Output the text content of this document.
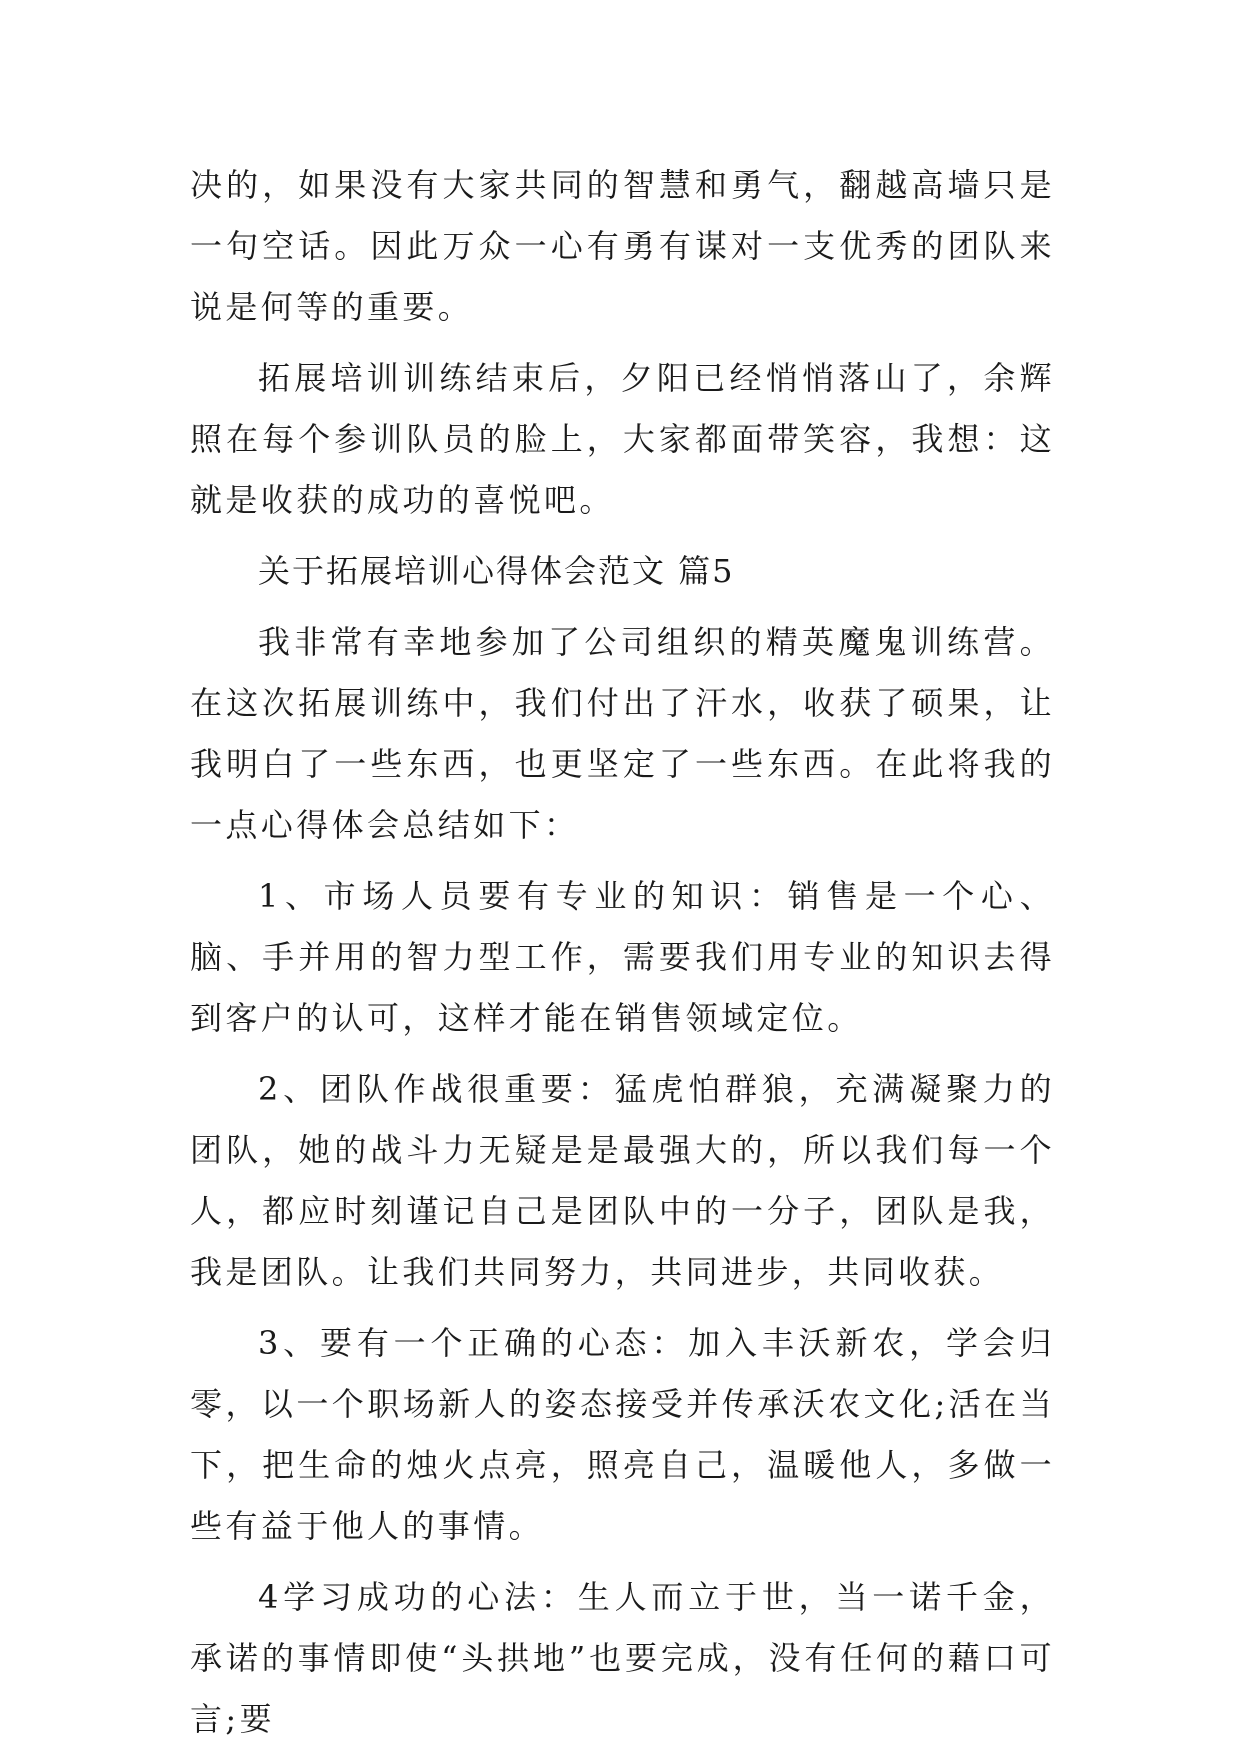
决的，如果没有大家共同的智慧和勇气，翻越高墙只是一句空话。因此万众一心有勇有谋对一支优秀的团队来说是何等的重要。

拓展培训训练结束后，夕阳已经悄悄落山了，余辉照在每个参训队员的脸上，大家都面带笑容，我想：这就是收获的成功的喜悦吧。

关于拓展培训心得体会范文 篇5

我非常有幸地参加了公司组织的精英魔鬼训练营。在这次拓展训练中，我们付出了汗水，收获了硕果，让我明白了一些东西，也更坚定了一些东西。在此将我的一点心得体会总结如下：

1、市场人员要有专业的知识：销售是一个心、脑、手并用的智力型工作，需要我们用专业的知识去得到客户的认可，这样才能在销售领域定位。

2、团队作战很重要：猛虎怕群狼，充满凝聚力的团队，她的战斗力无疑是是最强大的，所以我们每一个人，都应时刻谨记自己是团队中的一分子，团队是我，我是团队。让我们共同努力，共同进步，共同收获。

3、要有一个正确的心态：加入丰沃新农，学会归零，以一个职场新人的姿态接受并传承沃农文化;活在当下，把生命的烛火点亮，照亮自己，温暖他人，多做一些有益于他人的事情。

4学习成功的心法：生人而立于世，当一诺千金，承诺的事情即使“头拱地”也要完成，没有任何的藉口可言;要
